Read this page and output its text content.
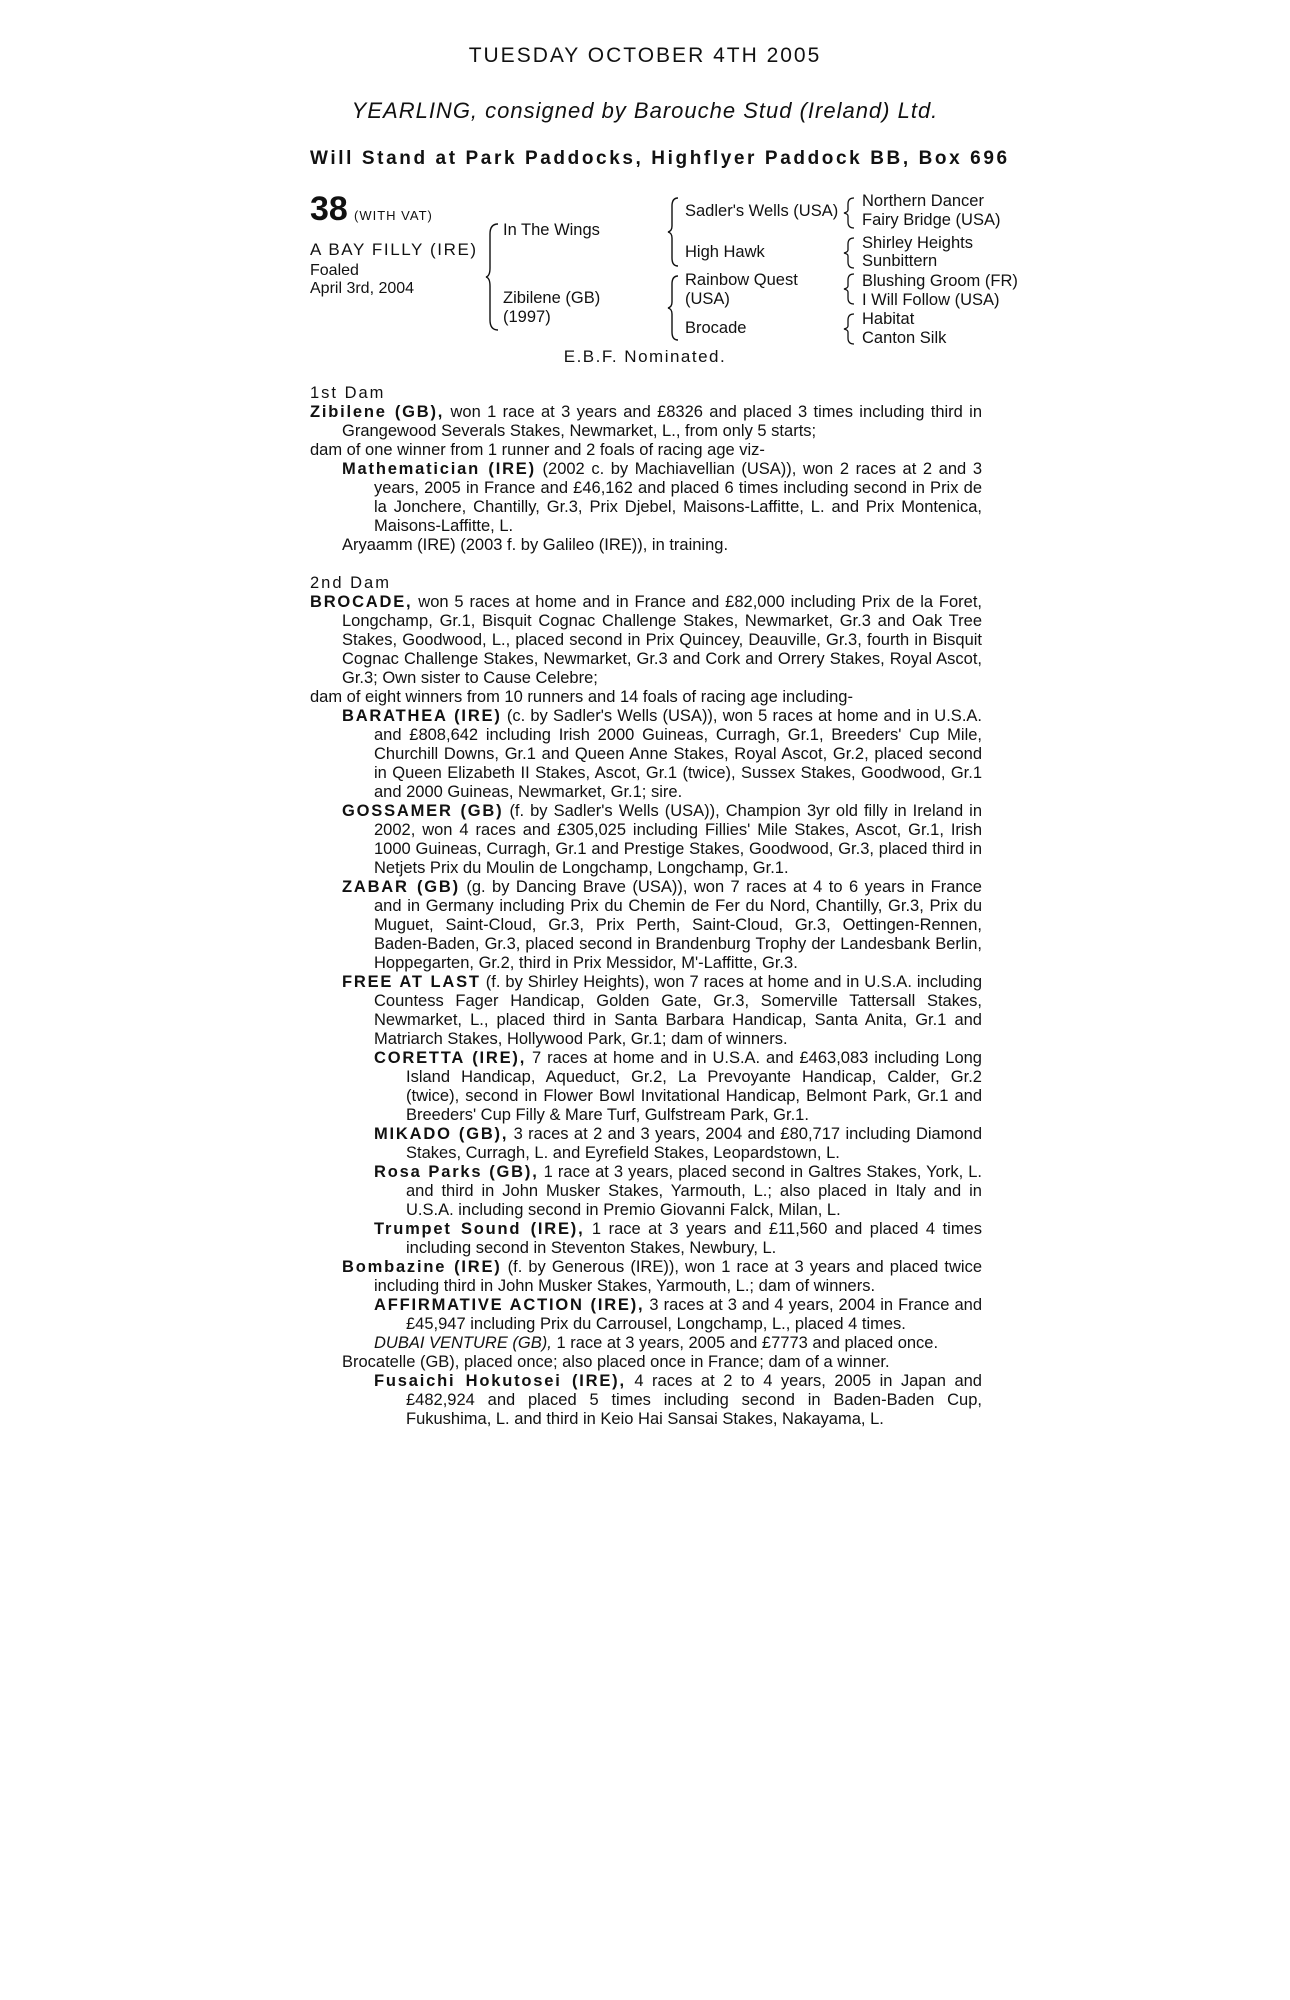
TUESDAY OCTOBER 4TH 2005
YEARLING, consigned by Barouche Stud (Ireland) Ltd.
Will Stand at Park Paddocks, Highflyer Paddock BB, Box 696
38 (WITH VAT)
A BAY FILLY (IRE)
Foaled
April 3rd, 2004
In The Wings
Zibilene (GB)
(1997)
Sadler's Wells (USA)
High Hawk
Rainbow Quest
(USA)
Brocade
Northern Dancer
Fairy Bridge (USA)
Shirley Heights
Sunbittern
Blushing Groom (FR)
I Will Follow (USA)
Habitat
Canton Silk
E.B.F. Nominated.

1st Dam

Zibilene (GB), won 1 race at 3 years and £8326 and placed 3 times including third in Grangewood Severals Stakes, Newmarket, L., from only 5 starts;

dam of one winner from 1 runner and 2 foals of racing age viz-

Mathematician (IRE) (2002 c. by Machiavellian (USA)), won 2 races at 2 and 3 years, 2005 in France and £46,162 and placed 6 times including second in Prix de la Jonchere, Chantilly, Gr.3, Prix Djebel, Maisons-Laffitte, L. and Prix Montenica, Maisons-Laffitte, L.

Aryaamm (IRE) (2003 f. by Galileo (IRE)), in training.

2nd Dam

BROCADE, won 5 races at home and in France and £82,000 including Prix de la Foret, Longchamp, Gr.1, Bisquit Cognac Challenge Stakes, Newmarket, Gr.3 and Oak Tree Stakes, Goodwood, L., placed second in Prix Quincey, Deauville, Gr.3, fourth in Bisquit Cognac Challenge Stakes, Newmarket, Gr.3 and Cork and Orrery Stakes, Royal Ascot, Gr.3; Own sister to Cause Celebre;

dam of eight winners from 10 runners and 14 foals of racing age including-

BARATHEA (IRE) (c. by Sadler's Wells (USA)), won 5 races at home and in U.S.A. and £808,642 including Irish 2000 Guineas, Curragh, Gr.1, Breeders' Cup Mile, Churchill Downs, Gr.1 and Queen Anne Stakes, Royal Ascot, Gr.2, placed second in Queen Elizabeth II Stakes, Ascot, Gr.1 (twice), Sussex Stakes, Goodwood, Gr.1 and 2000 Guineas, Newmarket, Gr.1; sire.

GOSSAMER (GB) (f. by Sadler's Wells (USA)), Champion 3yr old filly in Ireland in 2002, won 4 races and £305,025 including Fillies' Mile Stakes, Ascot, Gr.1, Irish 1000 Guineas, Curragh, Gr.1 and Prestige Stakes, Goodwood, Gr.3, placed third in Netjets Prix du Moulin de Longchamp, Longchamp, Gr.1.

ZABAR (GB) (g. by Dancing Brave (USA)), won 7 races at 4 to 6 years in France and in Germany including Prix du Chemin de Fer du Nord, Chantilly, Gr.3, Prix du Muguet, Saint-Cloud, Gr.3, Prix Perth, Saint-Cloud, Gr.3, Oettingen-Rennen, Baden-Baden, Gr.3, placed second in Brandenburg Trophy der Landesbank Berlin, Hoppegarten, Gr.2, third in Prix Messidor, M'-Laffitte, Gr.3.

FREE AT LAST (f. by Shirley Heights), won 7 races at home and in U.S.A. including Countess Fager Handicap, Golden Gate, Gr.3, Somerville Tattersall Stakes, Newmarket, L., placed third in Santa Barbara Handicap, Santa Anita, Gr.1 and Matriarch Stakes, Hollywood Park, Gr.1; dam of winners.

CORETTA (IRE), 7 races at home and in U.S.A. and £463,083 including Long Island Handicap, Aqueduct, Gr.2, La Prevoyante Handicap, Calder, Gr.2 (twice), second in Flower Bowl Invitational Handicap, Belmont Park, Gr.1 and Breeders' Cup Filly & Mare Turf, Gulfstream Park, Gr.1.

MIKADO (GB), 3 races at 2 and 3 years, 2004 and £80,717 including Diamond Stakes, Curragh, L. and Eyrefield Stakes, Leopardstown, L.

Rosa Parks (GB), 1 race at 3 years, placed second in Galtres Stakes, York, L. and third in John Musker Stakes, Yarmouth, L.; also placed in Italy and in U.S.A. including second in Premio Giovanni Falck, Milan, L.

Trumpet Sound (IRE), 1 race at 3 years and £11,560 and placed 4 times including second in Steventon Stakes, Newbury, L.

Bombazine (IRE) (f. by Generous (IRE)), won 1 race at 3 years and placed twice including third in John Musker Stakes, Yarmouth, L.; dam of winners.

AFFIRMATIVE ACTION (IRE), 3 races at 3 and 4 years, 2004 in France and £45,947 including Prix du Carrousel, Longchamp, L., placed 4 times.

DUBAI VENTURE (GB), 1 race at 3 years, 2005 and £7773 and placed once.

Brocatelle (GB), placed once; also placed once in France; dam of a winner.

Fusaichi Hokutosei (IRE), 4 races at 2 to 4 years, 2005 in Japan and £482,924 and placed 5 times including second in Baden-Baden Cup, Fukushima, L. and third in Keio Hai Sansai Stakes, Nakayama, L.
